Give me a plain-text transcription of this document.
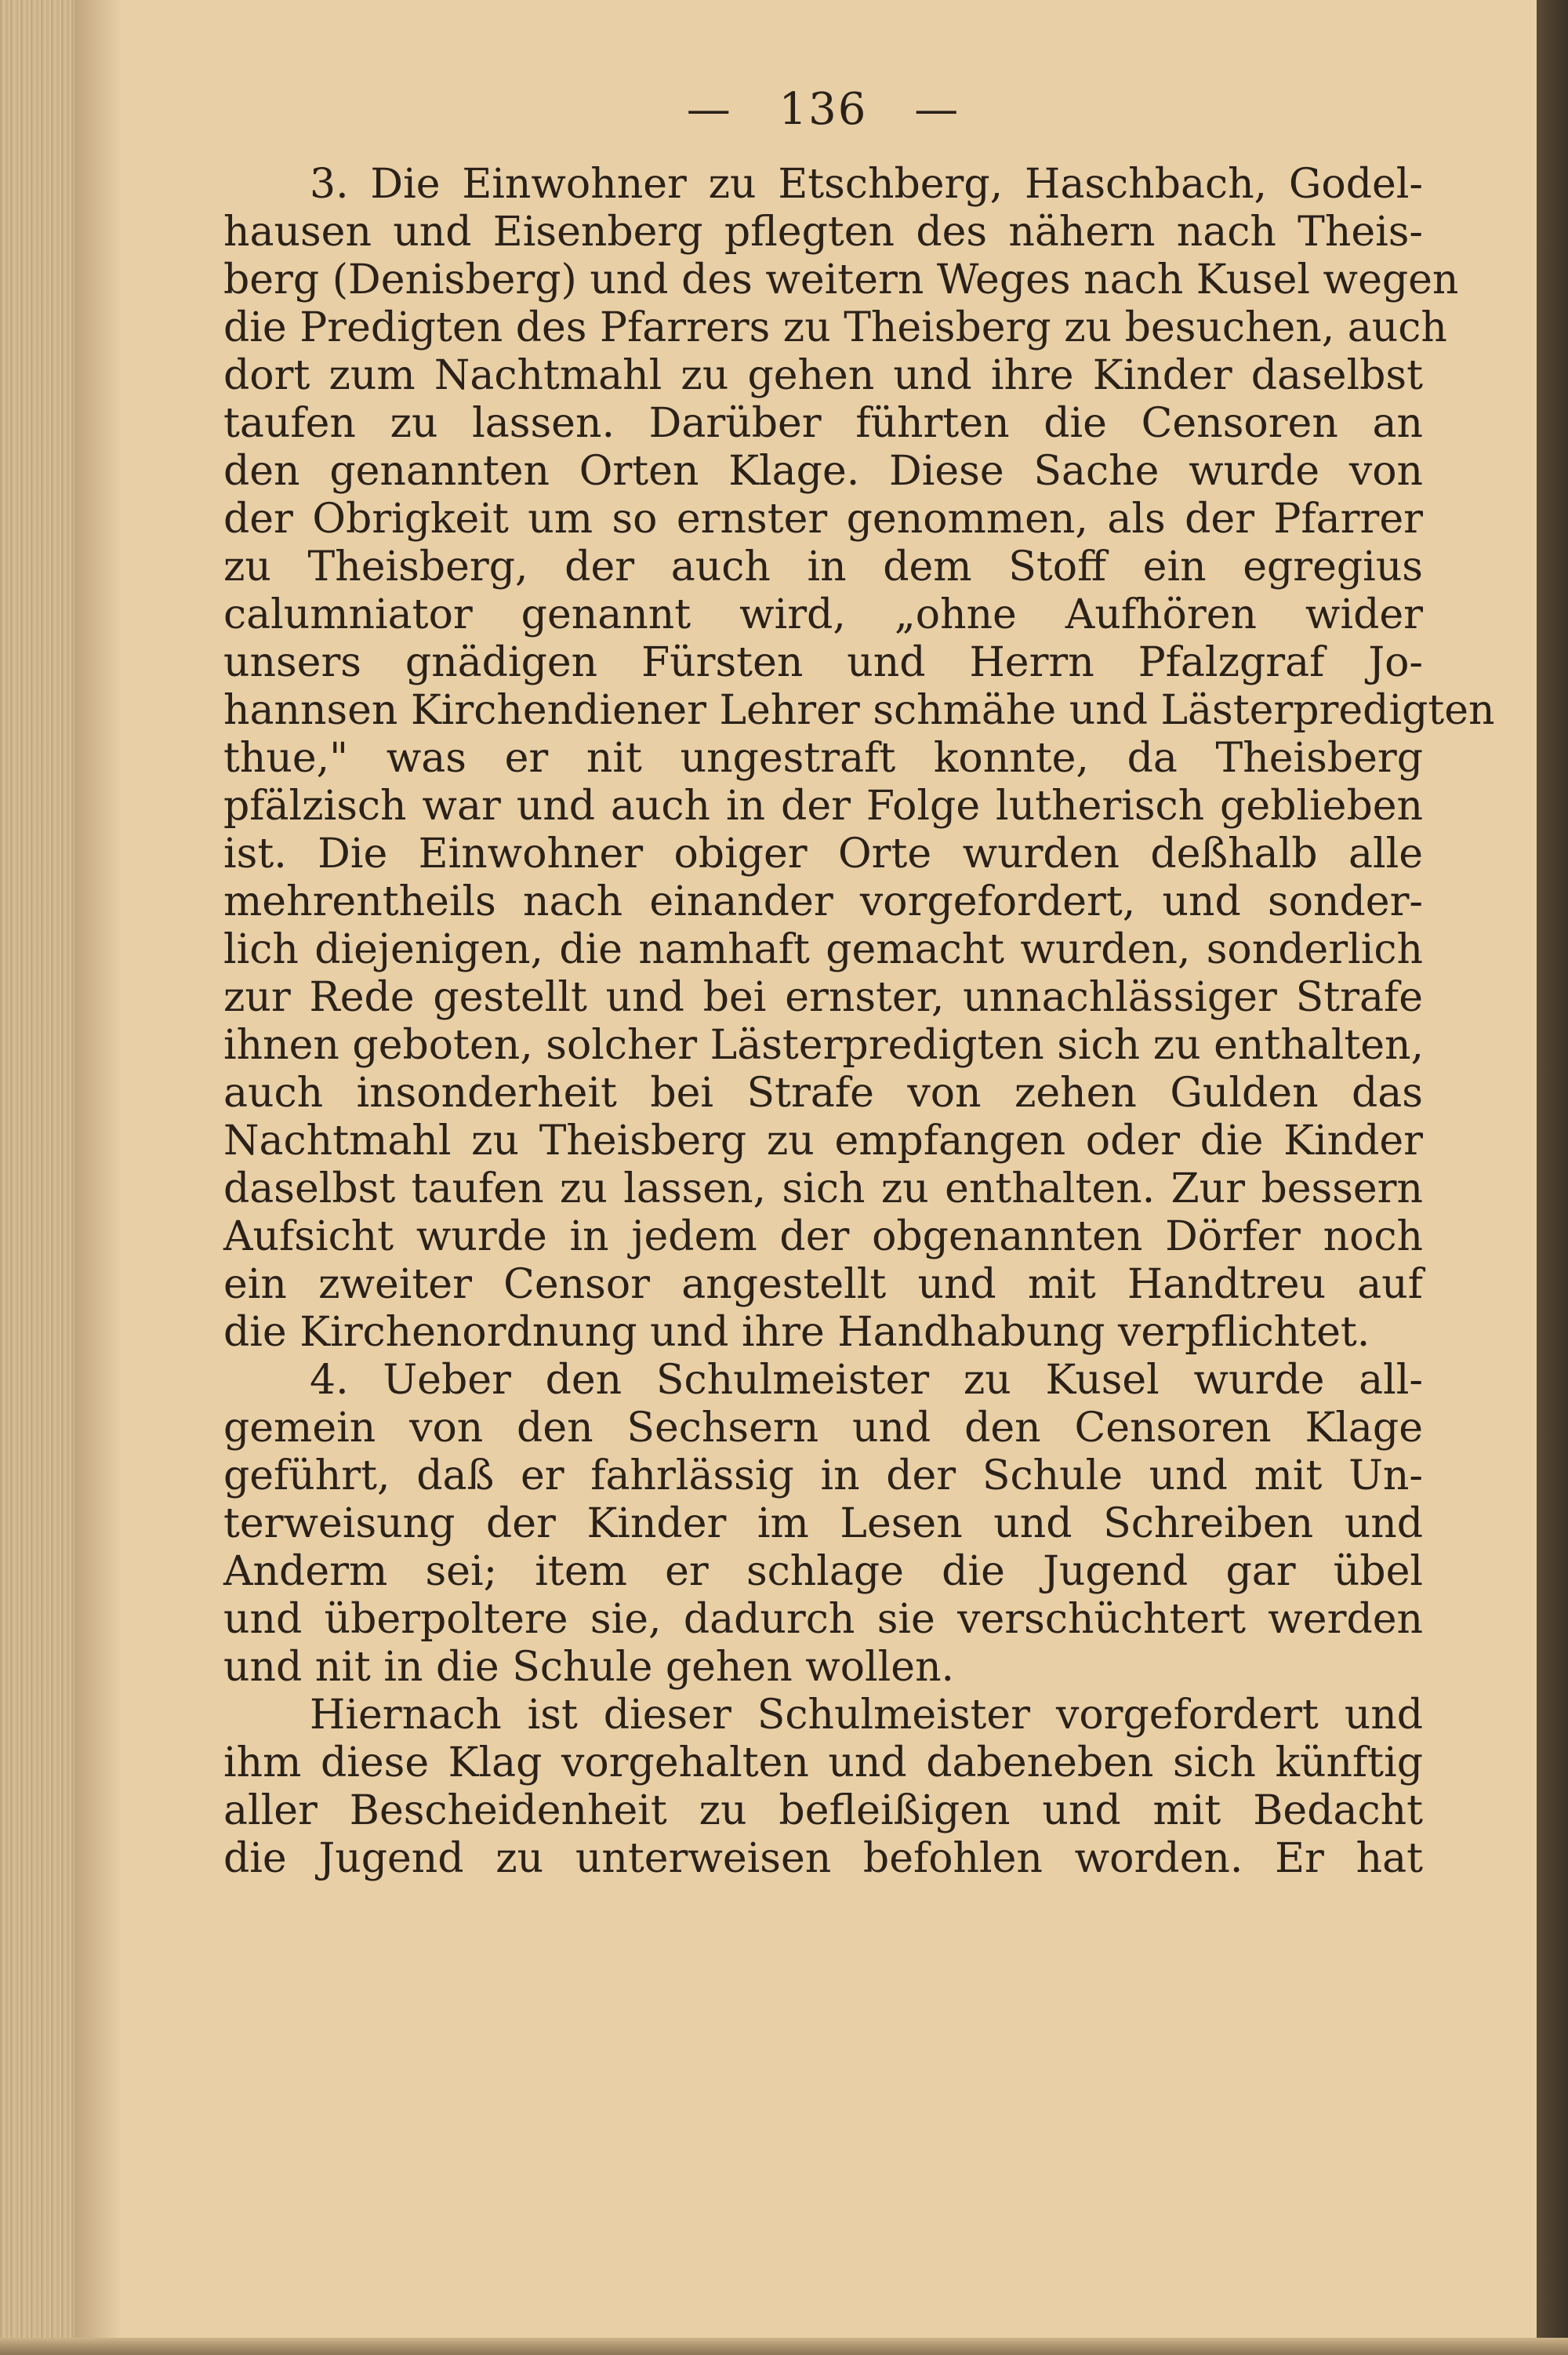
— 136 —
3. Die Einwohner zu Etschberg, Haschbach, Godel-
hausen und Eisenberg pflegten des nähern nach Theis-
berg (Denisberg) und des weitern Weges nach Kusel wegen
die Predigten des Pfarrers zu Theisberg zu besuchen, auch
dort zum Nachtmahl zu gehen und ihre Kinder daselbst
taufen zu lassen. Darüber führten die Censoren an
den genannten Orten Klage. Diese Sache wurde von
der Obrigkeit um so ernster genommen, als der Pfarrer
zu Theisberg, der auch in dem Stoff ein egregius
calumniator genannt wird, „ohne Aufhören wider
unsers gnädigen Fürsten und Herrn Pfalzgraf Jo-
hannsen Kirchendiener Lehrer schmähe und Lästerpredigten
thue," was er nit ungestraft konnte, da Theisberg
pfälzisch war und auch in der Folge lutherisch geblieben
ist. Die Einwohner obiger Orte wurden deßhalb alle
mehrentheils nach einander vorgefordert, und sonder-
lich diejenigen, die namhaft gemacht wurden, sonderlich
zur Rede gestellt und bei ernster, unnachlässiger Strafe
ihnen geboten, solcher Lästerpredigten sich zu enthalten,
auch insonderheit bei Strafe von zehen Gulden das
Nachtmahl zu Theisberg zu empfangen oder die Kinder
daselbst taufen zu lassen, sich zu enthalten. Zur bessern
Aufsicht wurde in jedem der obgenannten Dörfer noch
ein zweiter Censor angestellt und mit Handtreu auf
die Kirchenordnung und ihre Handhabung verpflichtet.
4. Ueber den Schulmeister zu Kusel wurde all-
gemein von den Sechsern und den Censoren Klage
geführt, daß er fahrlässig in der Schule und mit Un-
terweisung der Kinder im Lesen und Schreiben und
Anderm sei; item er schlage die Jugend gar übel
und überpoltere sie, dadurch sie verschüchtert werden
und nit in die Schule gehen wollen.
Hiernach ist dieser Schulmeister vorgefordert und
ihm diese Klag vorgehalten und dabeneben sich künftig
aller Bescheidenheit zu befleißigen und mit Bedacht
die Jugend zu unterweisen befohlen worden. Er hat
